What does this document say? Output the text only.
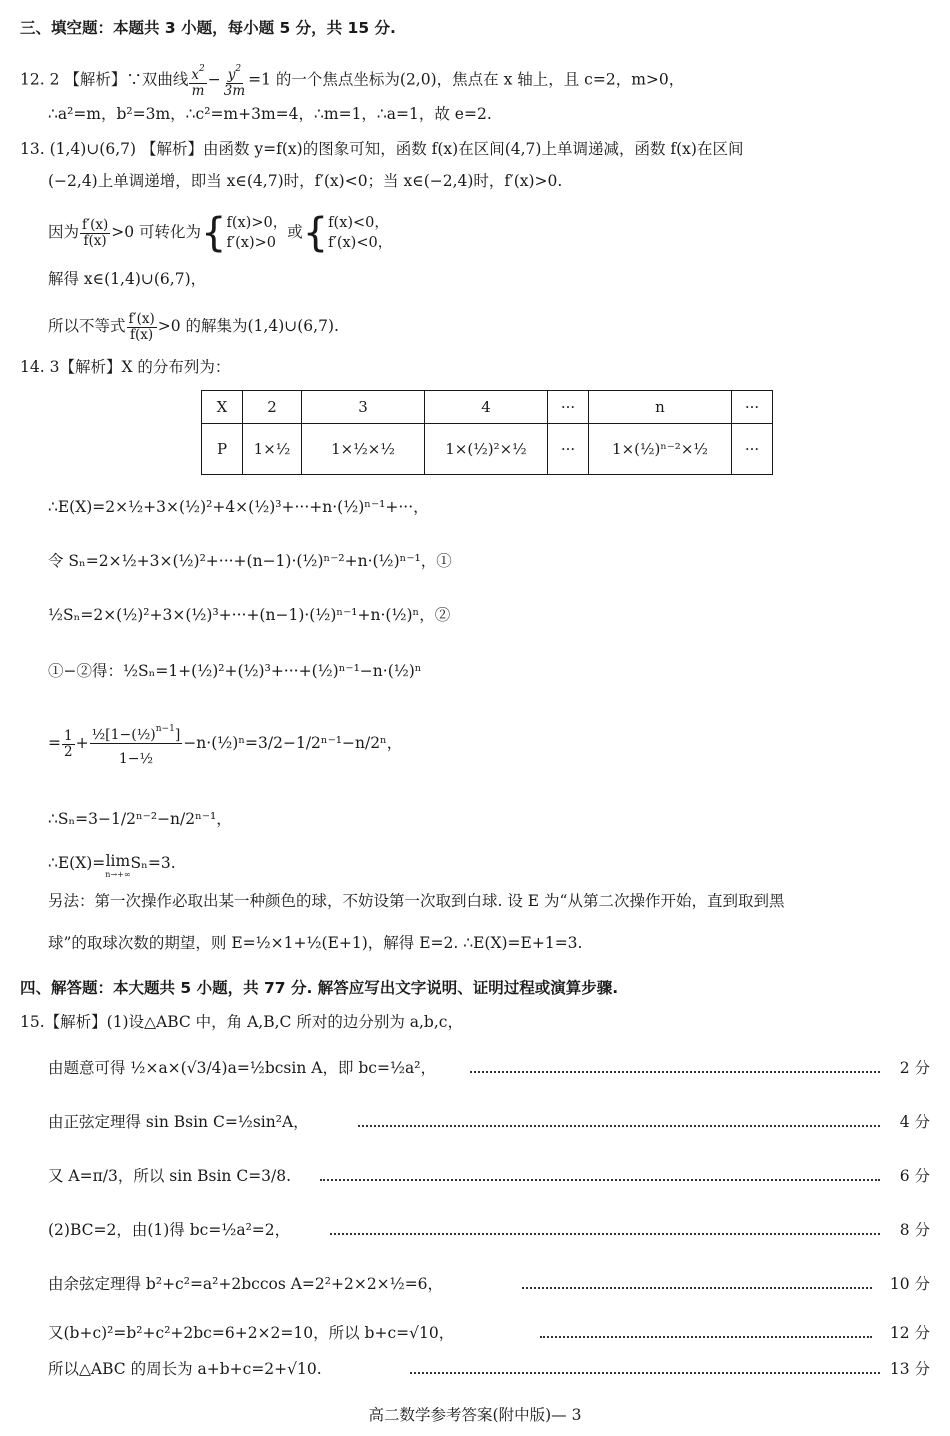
三、填空题：本题共 3 小题，每小题 5 分，共 15 分.
12. 2 【解析】∵双曲线 $\frac{x^2}{m} - \frac{y^2}{3m} =1$ 的一个焦点坐标为(2,0)，焦点在 x 轴上，且 c=2，m>0，
∴a²=m，b²=3m，∴c²=m+3m=4，∴m=1，∴a=1，故 e=2.
13. (1,4)∪(6,7) 【解析】由函数 y=f(x)的图象可知，函数 f(x)在区间(4,7)上单调递减，函数 f(x)在区间
(−2,4)上单调递增，即当 x∈(4,7)时，f′(x)<0；当 x∈(−2,4)时，f′(x)>0.
因为 $\frac{f'(x)}{f(x)} >0$ 可转化为{ f(x)>0，
f′(x)>0
或{ f(x)<0，
f′(x)<0，
解得 x∈(1,4)∪(6,7)，
所以不等式 $\frac{f'(x)}{f(x)} >0$ 的解集为(1,4)∪(6,7).
14. 3【解析】X 的分布列为：
X	2	3	4	···	n	···
P	1×½	1×½×½	1×(½)²×½	···	1×(½)ⁿ⁻²×½	···
∴E(X)=2×½+3×(½)²+4×(½)³+···+n·(½)ⁿ⁻¹+···，
令 Sₙ=2×½+3×(½)²+···+(n−1)·(½)ⁿ⁻²+n·(½)ⁿ⁻¹，①
½Sₙ=2×(½)²+3×(½)³+···+(n−1)·(½)ⁿ⁻¹+n·(½)ⁿ，②
①−②得：½Sₙ=1+(½)²+(½)³+···+(½)ⁿ⁻¹−n·(½)ⁿ
= $\frac{1}{2} + \frac{\frac{1}{2}[1-(\frac{1}{2})^{n-1}]}{\text{1−½}}$ −n·(½)ⁿ=3/2−1/2ⁿ⁻¹−n/2ⁿ，
∴Sₙ=3−1/2ⁿ⁻²−n/2ⁿ⁻¹，
∴E(X)= lim
n→+∞
Sₙ=3.
另法：第一次操作必取出某一种颜色的球，不妨设第一次取到白球. 设 E 为“从第二次操作开始，直到取到黑
球”的取球次数的期望，则 E=½×1+½(E+1)，解得 E=2. ∴E(X)=E+1=3.
四、解答题：本大题共 5 小题，共 77 分. 解答应写出文字说明、证明过程或演算步骤.
15.【解析】(1)设△ABC 中，角 A,B,C 所对的边分别为 a,b,c，
由题意可得 ½×a×(√3/4)a=½bcsin A，即 bc=½a²，	2 分
由正弦定理得 sin Bsin C=½sin²A，	4 分
又 A=π/3，所以 sin Bsin C=3/8.	6 分
(2)BC=2，由(1)得 bc=½a²=2，	8 分
由余弦定理得 b²+c²=a²+2bccos A=2²+2×2×½=6，	10 分
又(b+c)²=b²+c²+2bc=6+2×2=10，所以 b+c=√10，	12 分
所以△ABC 的周长为 a+b+c=2+√10.	13 分
高二数学参考答案(附中版)— 3
